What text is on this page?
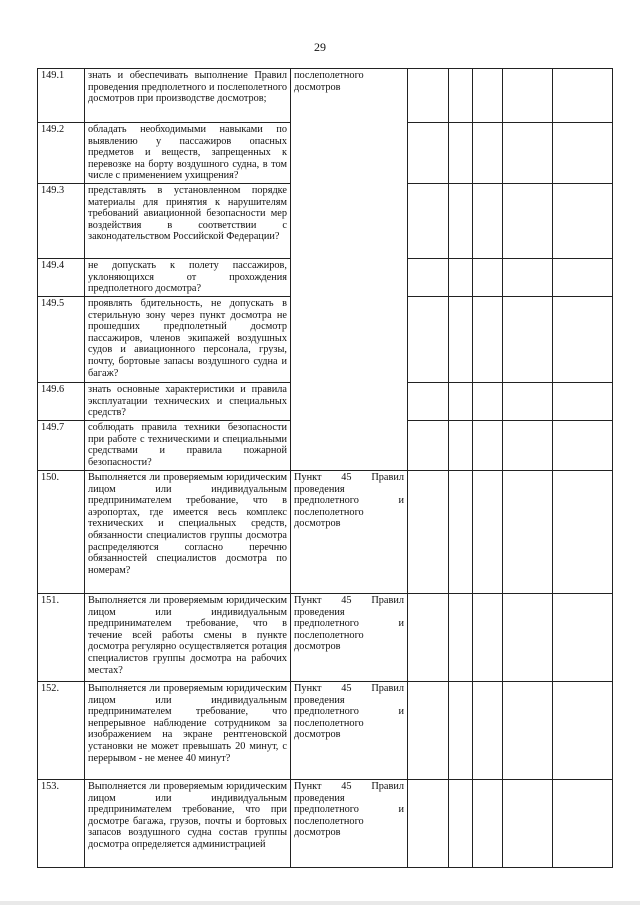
29
149.1	знать и обеспечивать выполнение Правил проведения предполетного и послеполетного досмотров при производстве досмотров;	послеполетного досмотров					
149.2	обладать необходимыми навыками по выявлению у пассажиров опасных предметов и веществ, запрещенных к перевозке на борту воздушного судна, в том числе с применением ухищрения?						
149.3	представлять в установленном порядке материалы для принятия к нарушителям требований авиационной безопасности мер воздействия в соответствии с законодательством Российской Федерации?						
149.4	не допускать к полету пассажиров, уклоняющихся от прохождения предполетного досмотра?						
149.5	проявлять бдительность, не допускать в стерильную зону через пункт досмотра не прошедших предполетный досмотр пассажиров, членов экипажей воздушных судов и авиационного персонала, грузы, почту, бортовые запасы воздушного судна и багаж?						
149.6	знать основные характеристики и правила эксплуатации технических и специальных средств?						
149.7	соблюдать правила техники безопасности при работе с техническими и специальными средствами и правила пожарной безопасности?						
150.	Выполняется ли проверяемым юридическим лицом или индивидуальным предпринимателем требование, что в аэропортах, где имеется весь комплекс технических и специальных средств, обязанности специалистов группы досмотра распределяются согласно перечню обязанностей специалистов досмотра по номерам?	Пункт 45 Правил проведения предполетного и послеполетного досмотров					
151.	Выполняется ли проверяемым юридическим лицом или индивидуальным предпринимателем требование, что в течение всей работы смены в пункте досмотра регулярно осуществляется ротация специалистов группы досмотра на рабочих местах?	Пункт 45 Правил проведения предполетного и послеполетного досмотров					
152.	Выполняется ли проверяемым юридическим лицом или индивидуальным предпринимателем требование, что непрерывное наблюдение сотрудником за изображением на экране рентгеновской установки не может превышать 20 минут, с перерывом - не менее 40 минут?	Пункт 45 Правил проведения предполетного и послеполетного досмотров					
153.	Выполняется ли проверяемым юридическим лицом или индивидуальным предпринимателем требование, что при досмотре багажа, грузов, почты и бортовых запасов воздушного судна состав группы досмотра определяется администрацией	Пункт 45 Правил проведения предполетного и послеполетного досмотров					
